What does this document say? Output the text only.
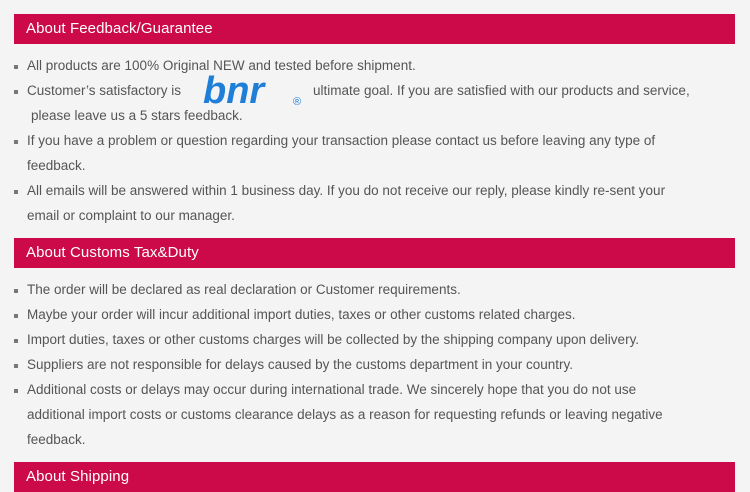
About Feedback/Guarantee
All products are 100% Original NEW and tested before shipment.
Customer’s satisfactory is bnr	®
ultimate goal. If you are satisfied with our products and service,
please leave us a 5 stars feedback.
If you have a problem or question regarding your transaction please contact us before leaving any type of
feedback.
All emails will be answered within 1 business day. If you do not receive our reply, please kindly re-sent your
email or complaint to our manager.
About Customs Tax&Duty
The order will be declared as real declaration or Customer requirements.
Maybe your order will incur additional import duties, taxes or other customs related charges.
Import duties, taxes or other customs charges will be collected by the shipping company upon delivery.
Suppliers are not responsible for delays caused by the customs department in your country.
Additional costs or delays may occur during international trade. We sincerely hope that you do not use
additional import costs or customs clearance delays as a reason for requesting refunds or leaving negative
feedback.
About Shipping
